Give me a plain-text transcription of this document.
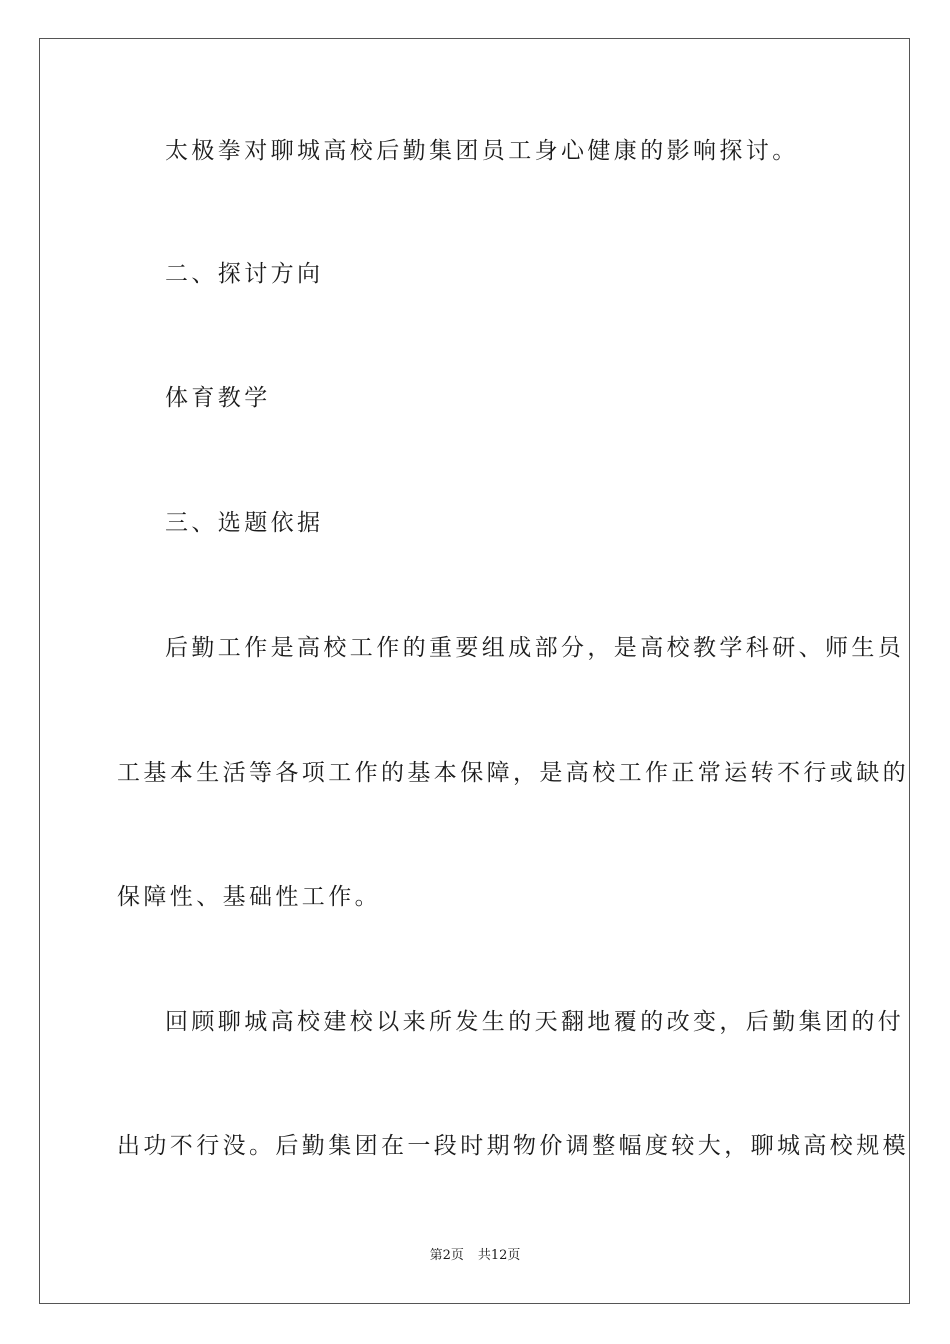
太极拳对聊城高校后勤集团员工身心健康的影响探讨。

二、探讨方向

体育教学

三、选题依据

后勤工作是高校工作的重要组成部分，是高校教学科研、师生员

工基本生活等各项工作的基本保障，是高校工作正常运转不行或缺的

保障性、基础性工作。

回顾聊城高校建校以来所发生的天翻地覆的改变，后勤集团的付

出功不行没。后勤集团在一段时期物价调整幅度较大，聊城高校规模

第2页 共12页
